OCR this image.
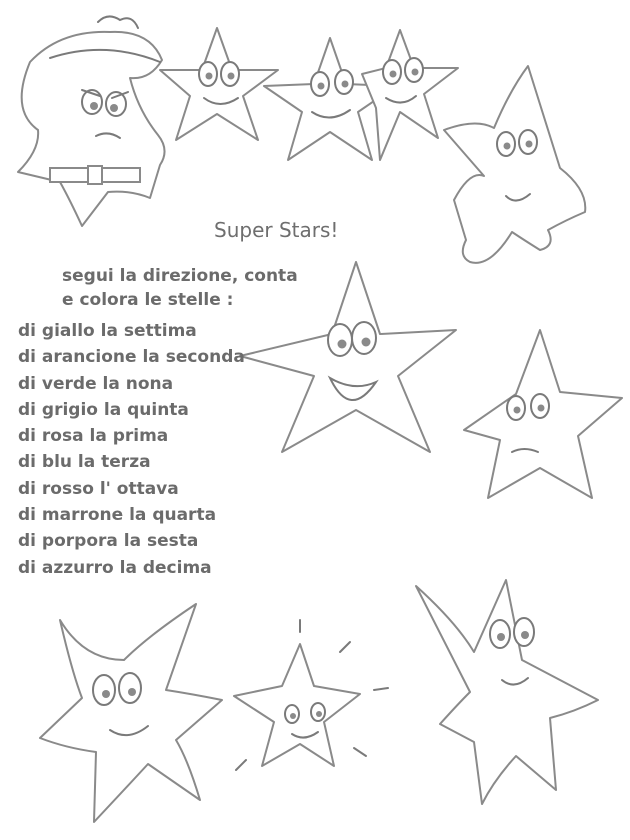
Super Stars!
segui la direzione, conta
e colora le stelle :
di giallo la settima
di arancione la seconda
di verde la nona
di grigio la quinta
di rosa la prima
di blu la terza
di rosso l' ottava
di marrone la quarta
di porpora la sesta
di azzurro la decima
